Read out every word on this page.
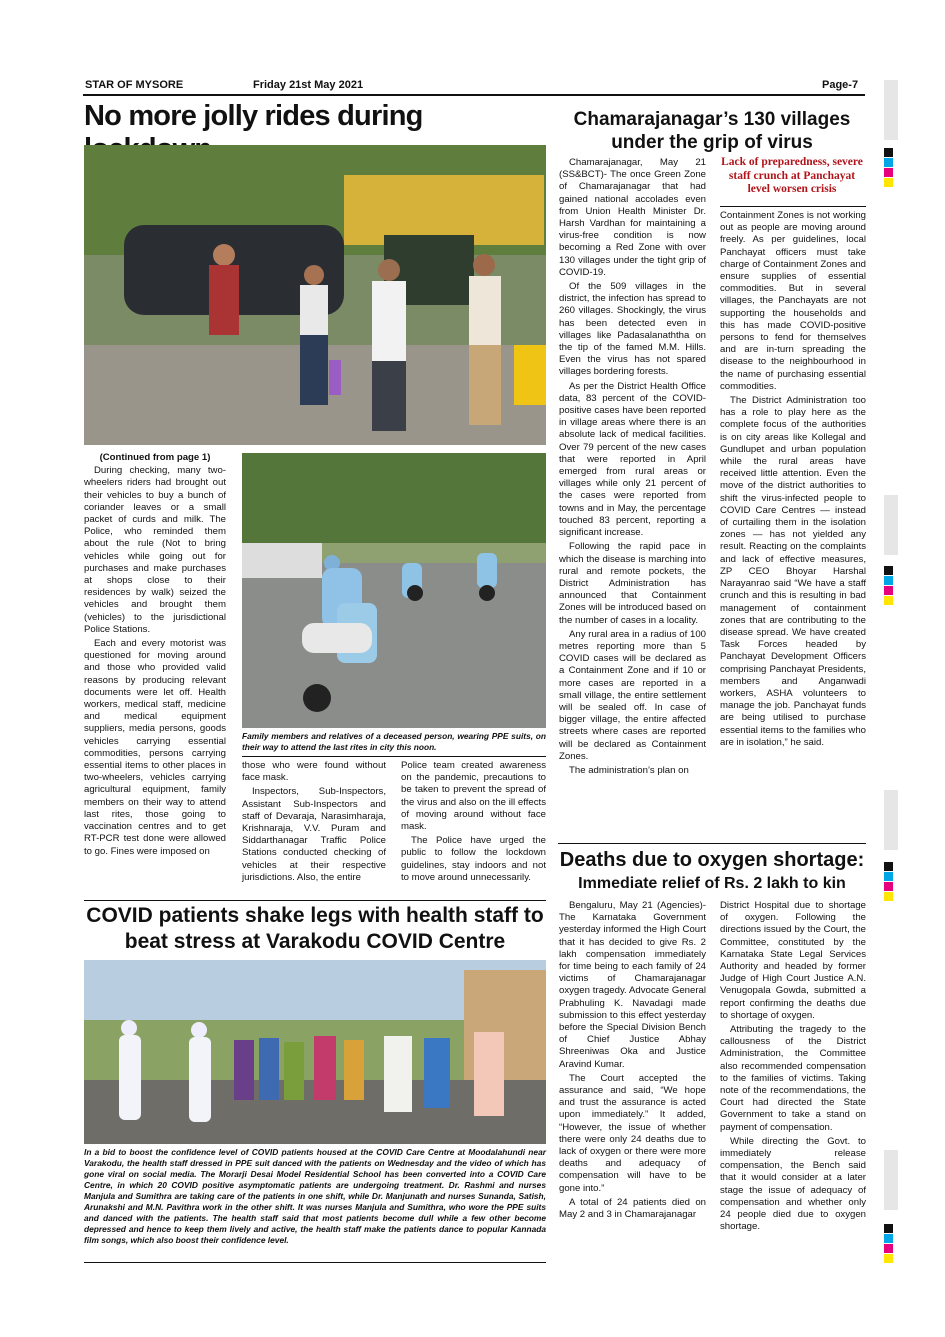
STAR OF MYSORE	Friday 21st May 2021	Page-7
No more jolly rides during
(Continued from page 1)

During checking, many two-wheelers riders had brought out their vehicles to buy a bunch of coriander leaves or a small packet of curds and milk. The Police, who reminded them about the rule (Not to bring vehicles while going out for purchases and make purchases at shops close to their residences by walk) seized the vehicles and brought them (vehicles) to the jurisdictional Police Stations.

Each and every motorist was questioned for moving around and those who provided valid reasons by producing relevant documents were let off. Health workers, medical staff, medicine and medical equipment suppliers, media persons, goods vehicles carrying essential commodities, persons carrying essential items to other places in two-wheelers, vehicles carrying agricultural equipment, family members on their way to attend last rites, those going to vaccination centres and to get RT-PCR test done were allowed to go. Fines were imposed on

Family members and relatives of a deceased person, wearing PPE suits, on their way to attend the last rites in city this noon.

those who were found without face mask.

Inspectors, Sub-Inspectors, Assistant Sub-Inspectors and staff of Devaraja, Narasimharaja, Krishnaraja, V.V. Puram and Siddarthanagar Traffic Police Stations conducted checking of vehicles at their respective jurisdictions. Also, the entire

Police team created awareness on the pandemic, precautions to be taken to prevent the spread of the virus and also on the ill effects of moving around without face mask.

The Police have urged the public to follow the lockdown guidelines, stay indoors and not to move around unnecessarily.

COVID patients shake legs with health staff to beat stress at Varakodu COVID Centre
In a bid to boost the confidence level of COVID patients housed at the COVID Care Centre at Moodalahundi near Varakodu, the health staff dressed in PPE suit danced with the patients on Wednesday and the video of which has gone viral on social media. The Morarji Desai Model Residential School has been converted into a COVID Care Centre, in which 20 COVID positive asymptomatic patients are undergoing treatment. Dr. Rashmi and nurses Manjula and Sumithra are taking care of the patients in one shift, while Dr. Manjunath and nurses Sunanda, Satish, Arunakshi and M.N. Pavithra work in the other shift. It was nurses Manjula and Sumithra, who wore the PPE suits and danced with the patients. The health staff said that most patients become dull while a few other become depressed and hence to keep them lively and active, the health staff make the patients dance to popular Kannada film songs, which also boost their confidence level.
Chamarajanagar’s 130 villages under the grip of virus

Chamarajanagar, May 21 (SS&BCT)- The once Green Zone of Chamarajanagar that had gained national accolades even from Union Health Minister Dr. Harsh Vardhan for maintaining a virus-free condition is now becoming a Red Zone with over 130 villages under the tight grip of COVID-19.

Of the 509 villages in the district, the infection has spread to 260 villages. Shockingly, the virus has been detected even in villages like Padasalanaththa on the tip of the famed M.M. Hills. Even the virus has not spared villages bordering forests.

As per the District Health Office data, 83 percent of the COVID-positive cases have been reported in village areas where there is an absolute lack of medical facilities. Over 79 percent of the new cases that were reported in April emerged from rural areas or villages while only 21 percent of the cases were reported from towns and in May, the percentage touched 83 percent, reporting a significant increase.

Following the rapid pace in which the disease is marching into rural and remote pockets, the District Administration has announced that Containment Zones will be introduced based on the number of cases in a locality.

Any rural area in a radius of 100 metres reporting more than 5 COVID cases will be declared as a Containment Zone and if 10 or more cases are reported in a small village, the entire settlement will be sealed off. In case of bigger village, the entire affected streets where cases are reported will be declared as Containment Zones.

The administration’s plan on

Lack of preparedness, severe staff crunch at Panchayat level worsen crisis

Containment Zones is not working out as people are moving around freely. As per guidelines, local Panchayat officers must take charge of Containment Zones and ensure supplies of essential commodities. But in several villages, the Panchayats are not supporting the households and this has made COVID-positive persons to fend for themselves and are in-turn spreading the disease to the neighbourhood in the name of purchasing essential commodities.

The District Administration too has a role to play here as the complete focus of the authorities is on city areas like Kollegal and Gundlupet and urban population while the rural areas have received little attention. Even the move of the district authorities to shift the virus-infected people to COVID Care Centres — instead of curtailing them in the isolation zones — has not yielded any result. Reacting on the complaints and lack of effective measures, ZP CEO Bhoyar Harshal Narayanrao said “We have a staff crunch and this is resulting in bad management of containment zones that are contributing to the disease spread. We have created Task Forces headed by Panchayat Development Officers comprising Panchayat Presidents, members and Anganwadi workers, ASHA volunteers to manage the job. Panchayat funds are being utilised to purchase essential items to the families who are in isolation,” he said.

Deaths due to oxygen shortage:
Immediate relief of Rs. 2 lakh to kin

Bengaluru, May 21 (Agencies)- The Karnataka Government yesterday informed the High Court that it has decided to give Rs. 2 lakh compensation immediately for time being to each family of 24 victims of Chamarajanagar oxygen tragedy. Advocate General Prabhuling K. Navadagi made submission to this effect yesterday before the Special Division Bench of Chief Justice Abhay Shreeniwas Oka and Justice Aravind Kumar.

The Court accepted the assurance and said, “We hope and trust the assurance is acted upon immediately.” It added, “However, the issue of whether there were only 24 deaths due to lack of oxygen or there were more deaths and adequacy of compensation will have to be gone into.”

A total of 24 patients died on May 2 and 3 in Chamarajanagar

District Hospital due to shortage of oxygen. Following the directions issued by the Court, the Committee, constituted by the Karnataka State Legal Services Authority and headed by former Judge of High Court Justice A.N. Venugopala Gowda, submitted a report confirming the deaths due to shortage of oxygen.

Attributing the tragedy to the callousness of the District Administration, the Committee also recommended compensation to the families of victims. Taking note of the recommendations, the Court had directed the State Government to take a stand on payment of compensation.

While directing the Govt. to immediately release compensation, the Bench said that it would consider at a later stage the issue of adequacy of compensation and whether only 24 people died due to oxygen shortage.
